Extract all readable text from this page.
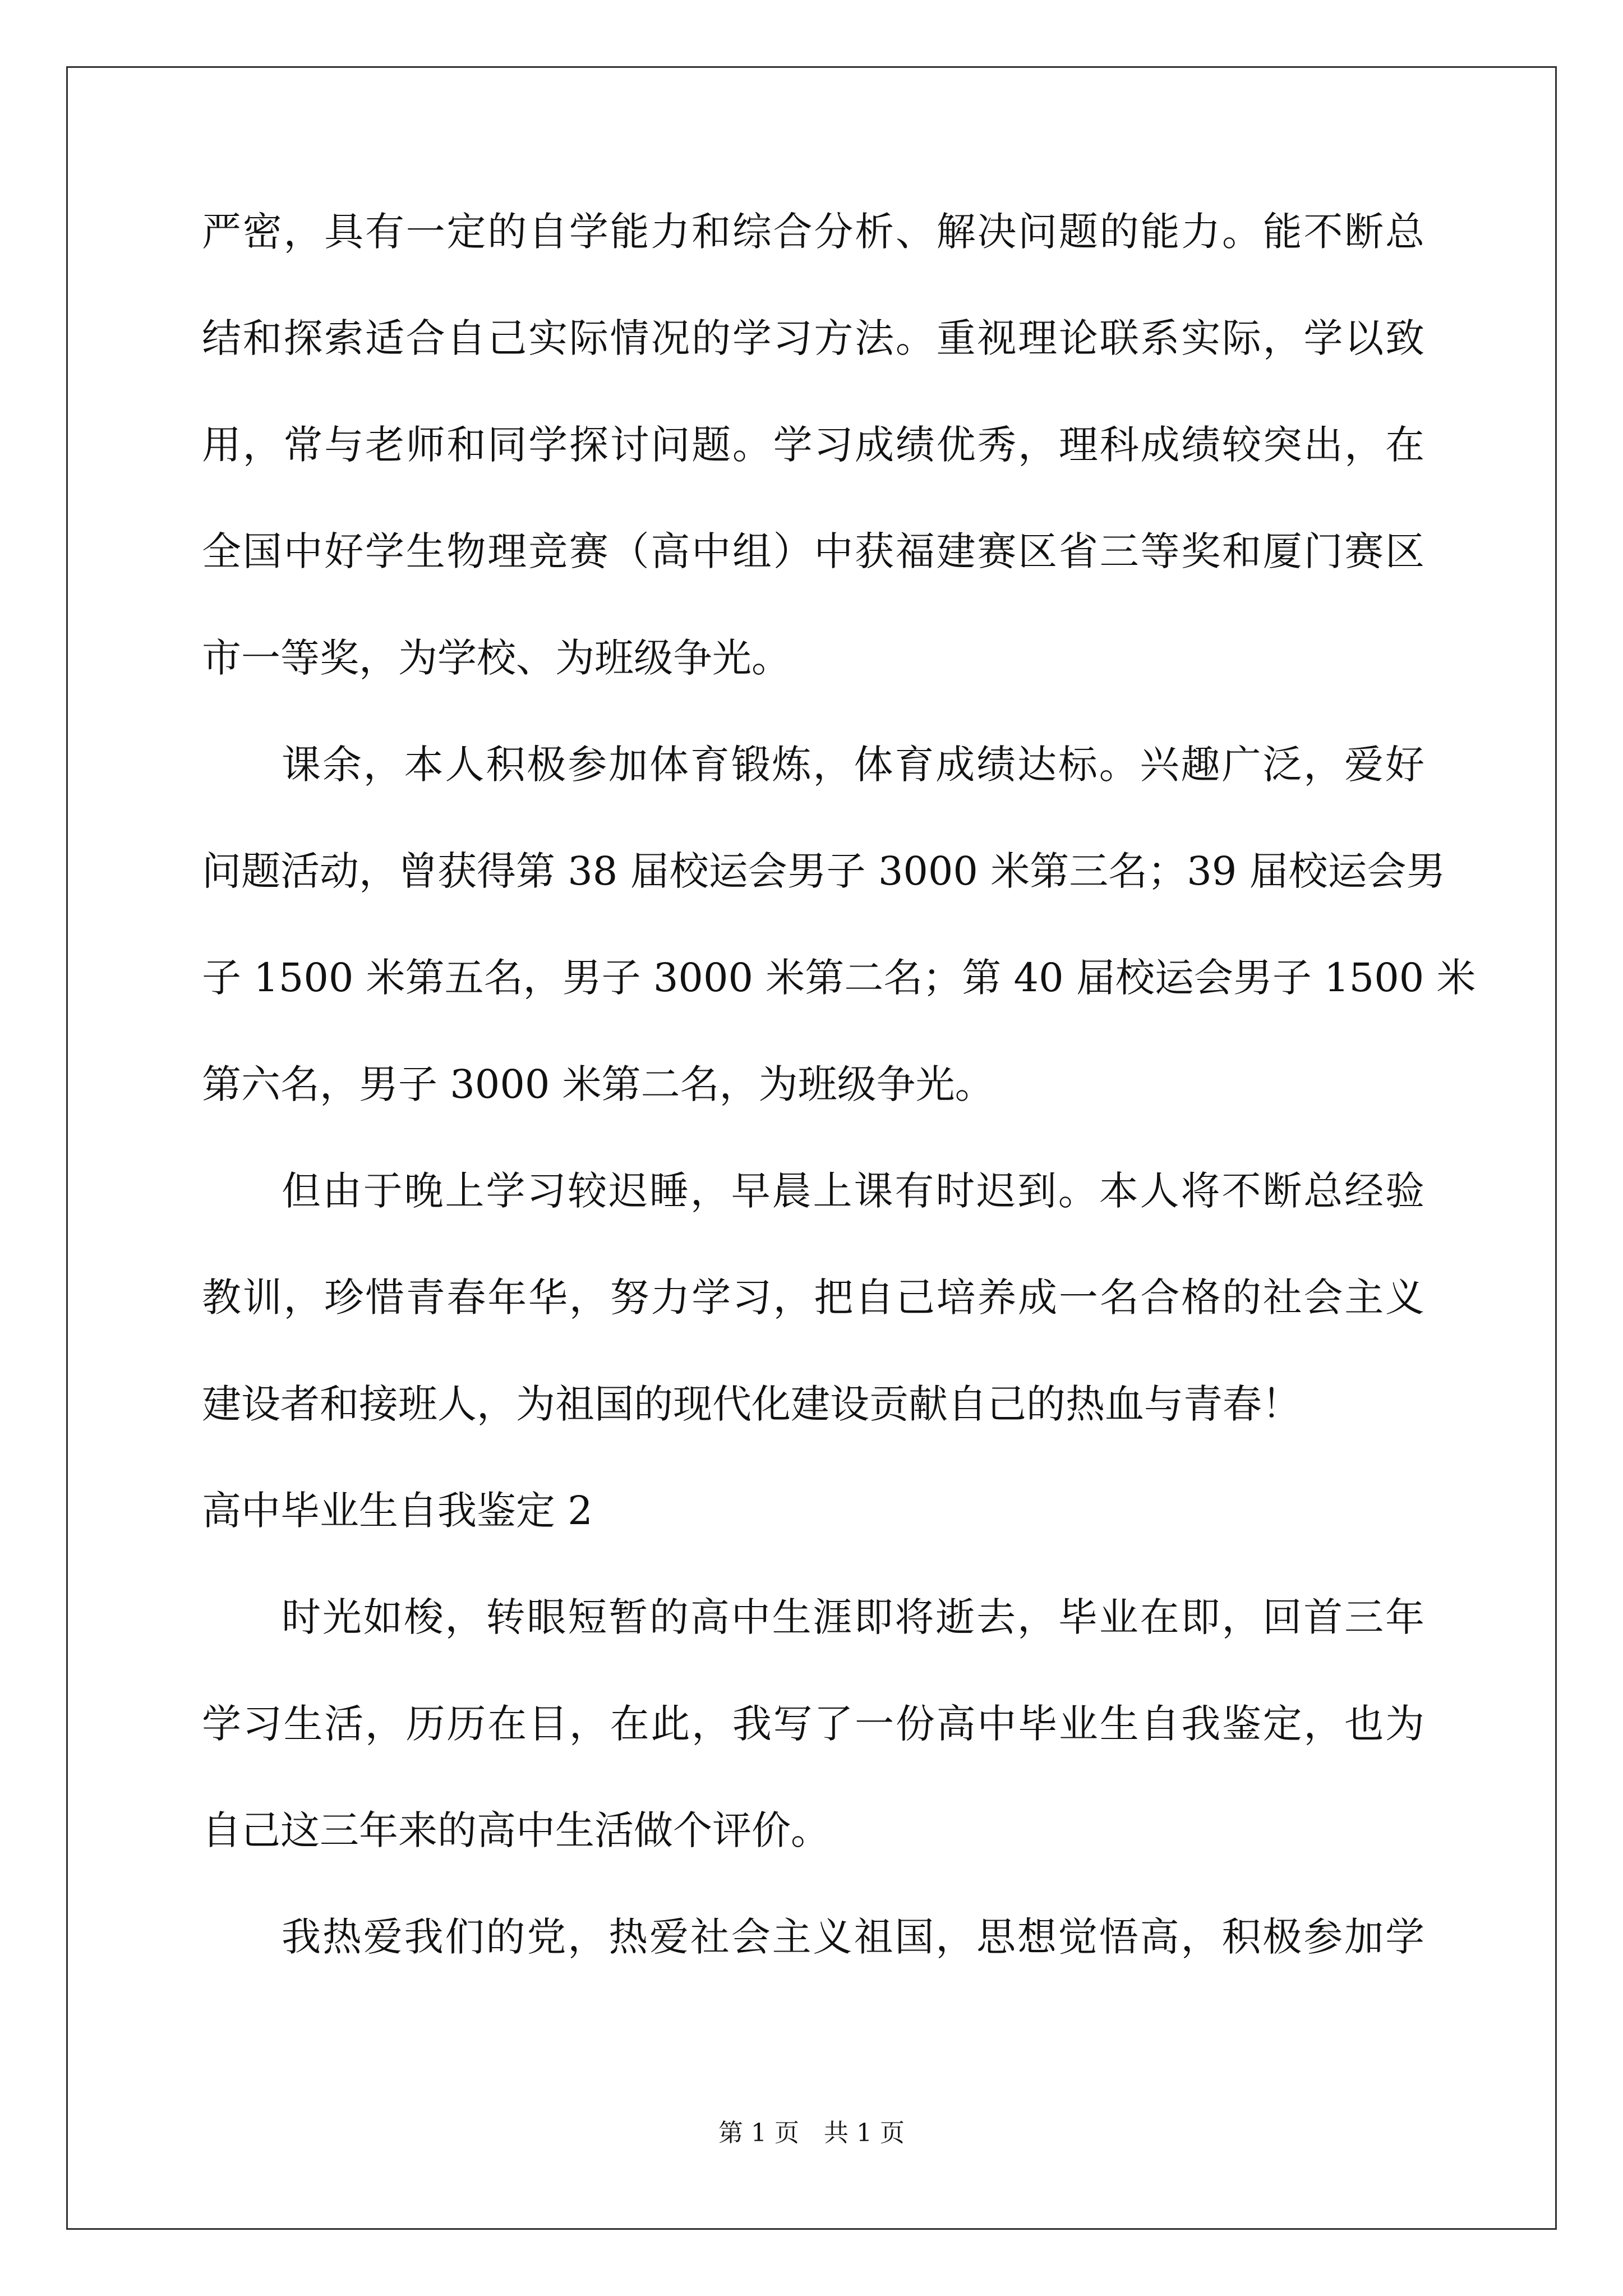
严密，具有一定的自学能力和综合分析、解决问题的能力。能不断总
结和探索适合自己实际情况的学习方法。重视理论联系实际，学以致
用，常与老师和同学探讨问题。学习成绩优秀，理科成绩较突出，在
全国中好学生物理竞赛（高中组）中获福建赛区省三等奖和厦门赛区
市一等奖，为学校、为班级争光。
课余，本人积极参加体育锻炼，体育成绩达标。兴趣广泛，爱好
问题活动，曾获得第 38 届校运会男子 3000 米第三名；39 届校运会男
子 1500 米第五名，男子 3000 米第二名；第 40 届校运会男子 1500 米
第六名，男子 3000 米第二名，为班级争光。
但由于晚上学习较迟睡，早晨上课有时迟到。本人将不断总经验
教训，珍惜青春年华，努力学习，把自己培养成一名合格的社会主义
建设者和接班人，为祖国的现代化建设贡献自己的热血与青春！
高中毕业生自我鉴定 2
时光如梭，转眼短暂的高中生涯即将逝去，毕业在即，回首三年
学习生活，历历在目，在此，我写了一份高中毕业生自我鉴定，也为
自己这三年来的高中生活做个评价。
我热爱我们的党，热爱社会主义祖国，思想觉悟高，积极参加学
第 1 页　共 1 页
